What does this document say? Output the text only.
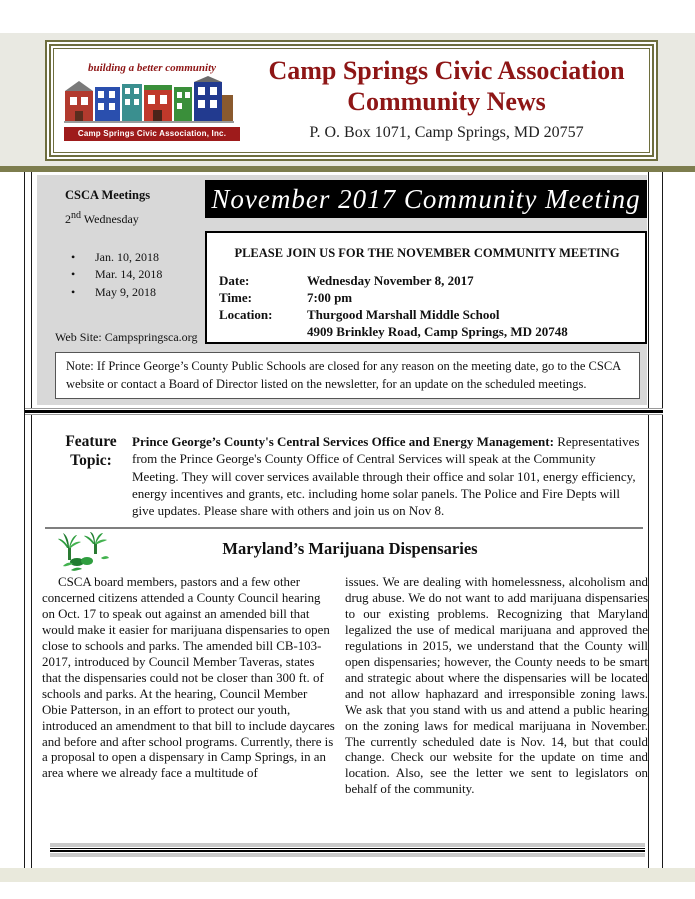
building a better community
Camp Springs Civic Association, Inc.
Camp Springs Civic Association
Community News
P. O. Box 1071, Camp Springs, MD 20757
CSCA Meetings
2nd Wednesday
• Jan. 10, 2018
• Mar. 14, 2018
• May 9, 2018
Web Site: Campspringsca.org
November 2017 Community Meeting
PLEASE JOIN US FOR THE NOVEMBER COMMUNITY MEETING
Date:	Wednesday November 8, 2017
Time:	7:00 pm
Location:	Thurgood Marshall Middle School
4909 Brinkley Road, Camp Springs, MD 20748
Note: If Prince George’s County Public Schools are closed for any reason on the meeting date, go to the CSCA website or contact a Board of Director listed on the newsletter, for an update on the scheduled meetings.
Feature
Topic:
Prince George’s County's Central Services Office and Energy Management: Representatives from the Prince George's County Office of Central Services will speak at the Community Meeting. They will cover services available through their office and solar 101, energy efficiency, energy incentives and grants, etc. including home solar panels. The Police and Fire Depts will give updates. Please share with others and join us on Nov 8.
Maryland’s Marijuana Dispensaries
CSCA board members, pastors and a few other concerned citizens attended a County Council hearing on Oct. 17 to speak out against an amended bill that would make it easier for marijuana dispensaries to open close to schools and parks. The amended bill CB-103-2017, introduced by Council Member Taveras, states that the dispensaries could not be closer than 300 ft. of schools and parks. At the hearing, Council Member Obie Patterson, in an effort to protect our youth, introduced an amendment to that bill to include daycares and before and after school programs. Currently, there is a proposal to open a dispensary in Camp Springs, in an area where we already face a multitude of
issues. We are dealing with homelessness, alcoholism and drug abuse. We do not want to add marijuana dispensaries to our existing problems. Recognizing that Maryland legalized the use of medical marijuana and approved the regulations in 2015, we understand that the County will open dispensaries; however, the County needs to be smart and strategic about where the dispensaries will be located and not allow haphazard and irresponsible zoning laws. We ask that you stand with us and attend a public hearing on the zoning laws for medical marijuana in November. The currently scheduled date is Nov. 14, but that could change. Check our website for the update on time and location. Also, see the letter we sent to legislators on behalf of the community.
